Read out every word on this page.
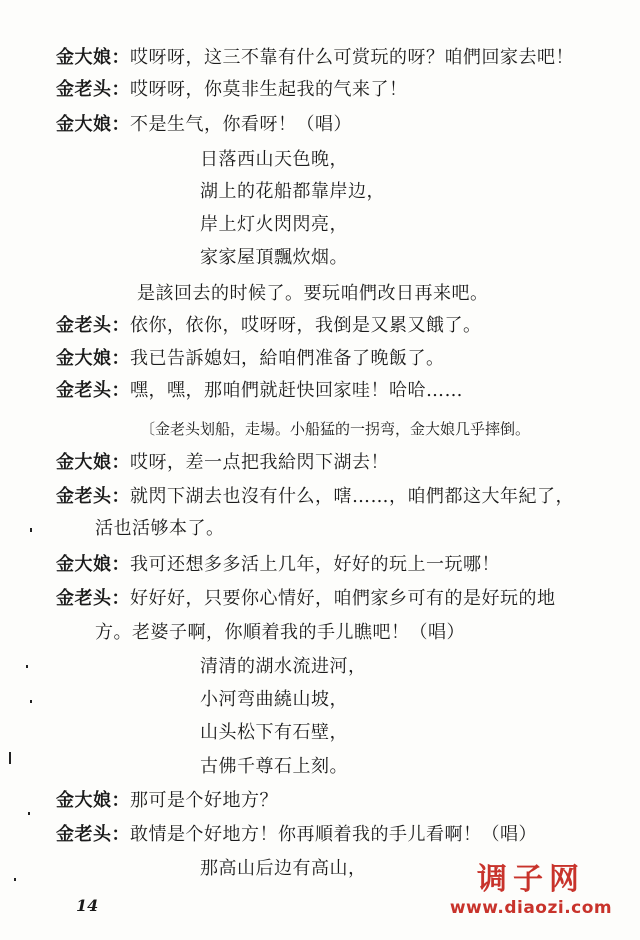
金大娘：哎呀呀，这三不靠有什么可赏玩的呀？咱們回家去吧！
金老头：哎呀呀，你莫非生起我的气来了！
金大娘：不是生气，你看呀！（唱）
日落西山天色晚，
湖上的花船都靠岸边，
岸上灯火閃閃亮，
家家屋頂飄炊烟。
是該回去的时候了。要玩咱們改日再来吧。
金老头：依你，依你，哎呀呀，我倒是又累又餓了。
金大娘：我已告訴媳妇，給咱們准备了晚飯了。
金老头：嘿，嘿，那咱們就赶快回家哇！哈哈……
〔金老头划船，走場。小船猛的一拐弯，金大娘几乎摔倒。
金大娘：哎呀，差一点把我給閃下湖去！
金老头：就閃下湖去也沒有什么，嗐……，咱們都这大年紀了，
活也活够本了。
金大娘：我可还想多多活上几年，好好的玩上一玩哪！
金老头：好好好，只要你心情好，咱們家乡可有的是好玩的地
方。老婆子啊，你順着我的手儿瞧吧！（唱）
清清的湖水流进河，
小河弯曲繞山坡，
山头松下有石壁，
古佛千尊石上刻。
金大娘：那可是个好地方？
金老头：敢情是个好地方！你再順着我的手儿看啊！（唱）
那高山后边有高山，
14
调子网
www.diaozi.com
